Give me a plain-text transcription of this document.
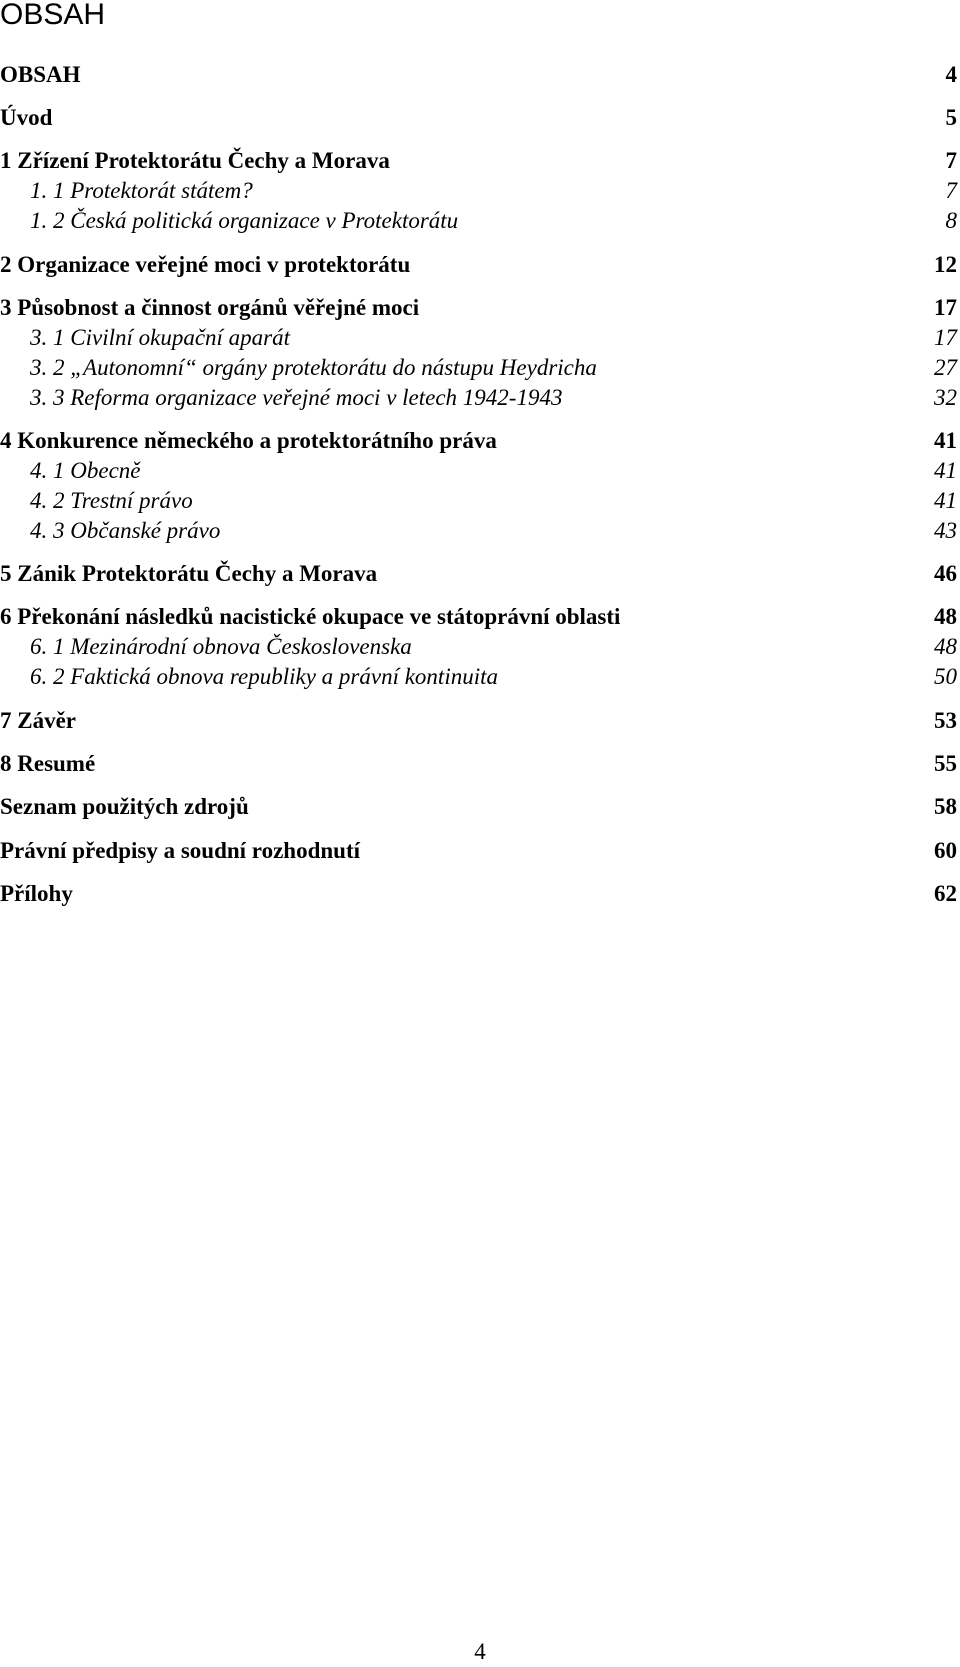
OBSAH
OBSAH	4
Úvod	5
1 Zřízení Protektorátu Čechy a Morava	7
1. 1 Protektorát státem?	7
1. 2 Česká politická organizace v Protektorátu	8
2 Organizace veřejné moci v protektorátu	12
3 Působnost a činnost orgánů věřejné moci	17
3. 1 Civilní okupační aparát	17
3. 2 „Autonomní“ orgány protektorátu do nástupu Heydricha	27
3. 3 Reforma organizace veřejné moci v letech 1942-1943	32
4 Konkurence německého a protektorátního práva	41
4. 1 Obecně	41
4. 2 Trestní právo	41
4. 3 Občanské právo	43
5 Zánik Protektorátu Čechy a Morava	46
6 Překonání následků nacistické okupace ve státoprávní oblasti	48
6. 1 Mezinárodní obnova Československa	48
6. 2 Faktická obnova republiky a právní kontinuita	50
7 Závěr	53
8 Resumé	55
Seznam použitých zdrojů	58
Právní předpisy a soudní rozhodnutí	60
Přílohy	62
4
